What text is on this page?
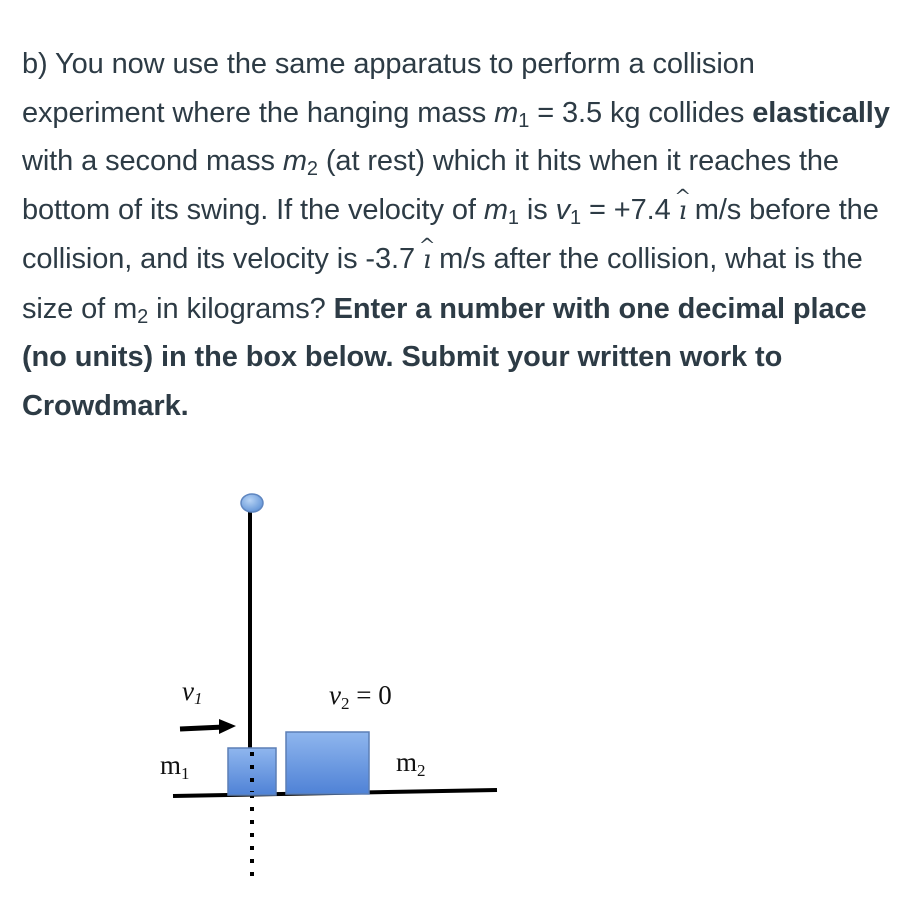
b) You now use the same apparatus to perform a collision experiment where the hanging mass $m_1 = 3.5$ kg collides elastically with a second mass $m_2$ (at rest) which it hits when it reaches the bottom of its swing. If the velocity of $m_1$ is $v_1 = +7.4$ ^ ı m/s before the collision, and its velocity is -3.7 ^ ı m/s after the collision, what is the size of $m_2$ in kilograms? Enter a number with one decimal place (no units) in the box below. Submit your written work to Crowdmark.
v1	v2 = 0
m1	m2
